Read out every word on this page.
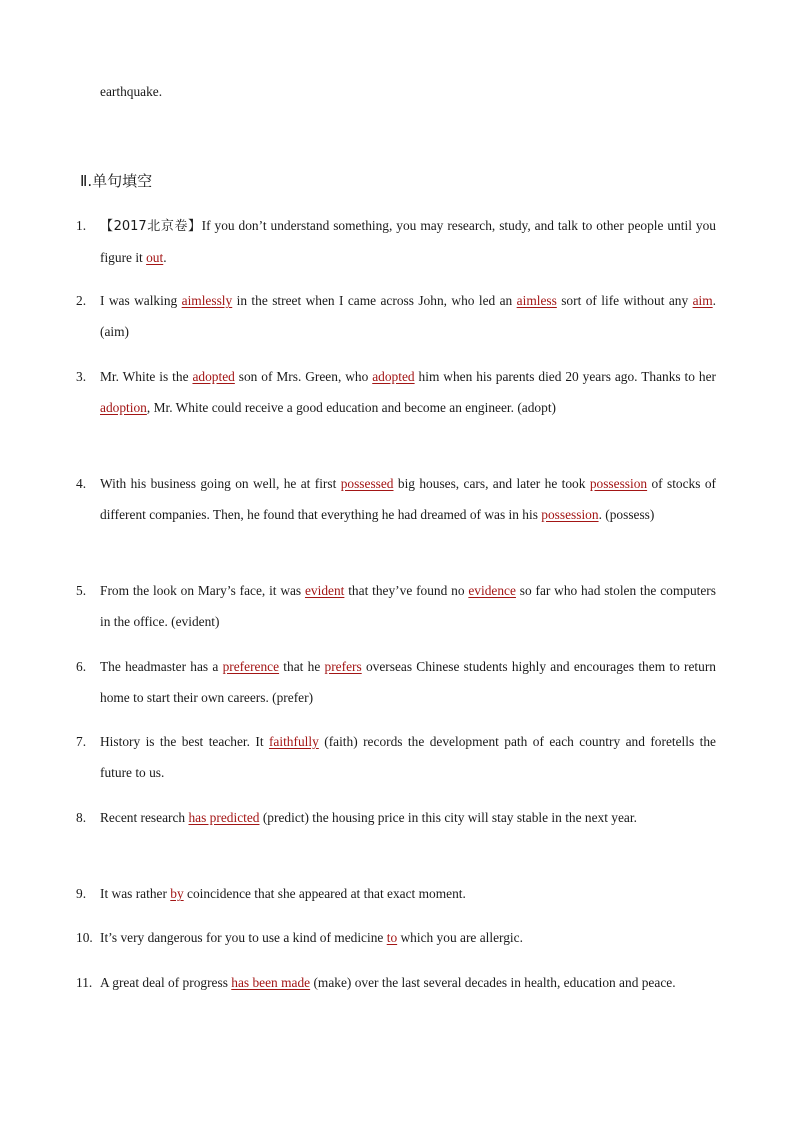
earthquake.
Ⅱ.单句填空
1. 【2017北京卷】If you don’t understand something, you may research, study, and talk to other people until you figure it out.
2. I was walking aimlessly in the street when I came across John, who led an aimless sort of life without any aim. (aim)
3. Mr. White is the adopted son of Mrs. Green, who adopted him when his parents died 20 years ago. Thanks to her adoption, Mr. White could receive a good education and become an engineer. (adopt)
4. With his business going on well, he at first possessed big houses, cars, and later he took possession of stocks of different companies. Then, he found that everything he had dreamed of was in his possession. (possess)
5. From the look on Mary’s face, it was evident that they’ve found no evidence so far who had stolen the computers in the office. (evident)
6. The headmaster has a preference that he prefers overseas Chinese students highly and encourages them to return home to start their own careers. (prefer)
7. History is the best teacher. It faithfully (faith) records the development path of each country and foretells the future to us.
8. Recent research has predicted (predict) the housing price in this city will stay stable in the next year.
9. It was rather by coincidence that she appeared at that exact moment.
10. It’s very dangerous for you to use a kind of medicine to which you are allergic.
11. A great deal of progress has been made (make) over the last several decades in health, education and peace.
